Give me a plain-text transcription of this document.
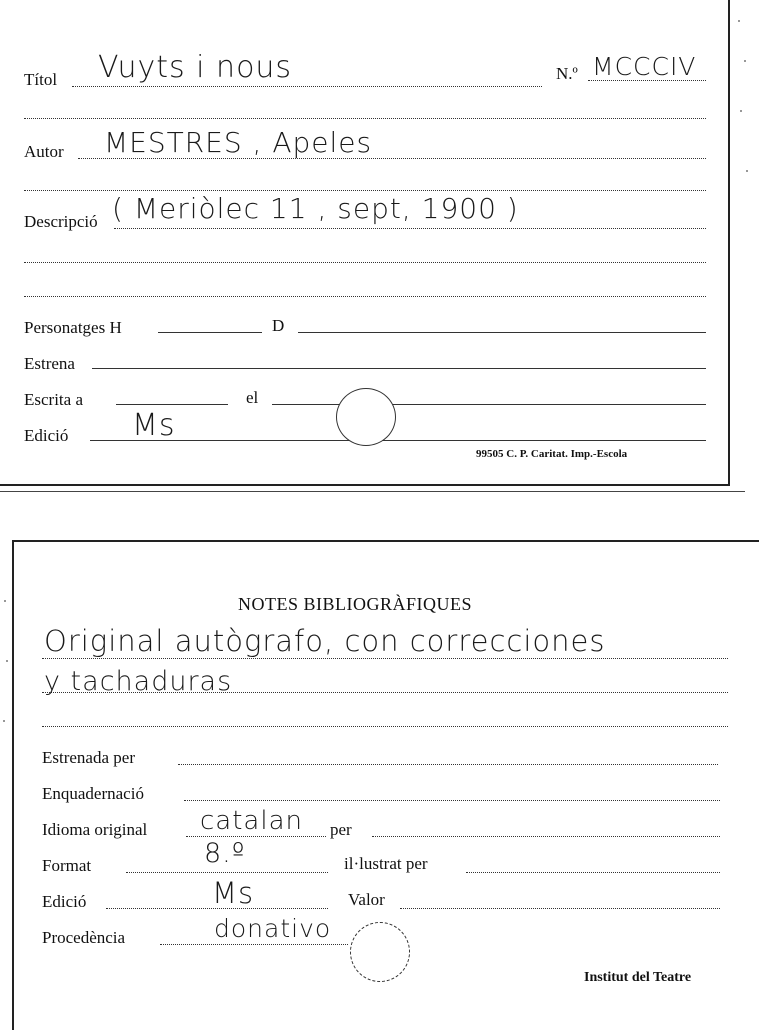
Títol Vuyts i nous	N.º MCCCIV
Autor MESTRES , Apeles
Descripció ( Meriòlec 11 , sept, 1900 )
Personatges H	D
Estrena
Escrita a	el
Edició Ms
99505 C. P. Caritat. Imp.-Escola
NOTES BIBLIOGRÀFIQUES
Original autògrafo, con correcciones
y tachaduras
Estrenada per
Enquadernació
Idioma original catalan per
Format	8.º	il·lustrat per
Edició	Ms	Valor
Procedència	donativo
Institut del Teatre
